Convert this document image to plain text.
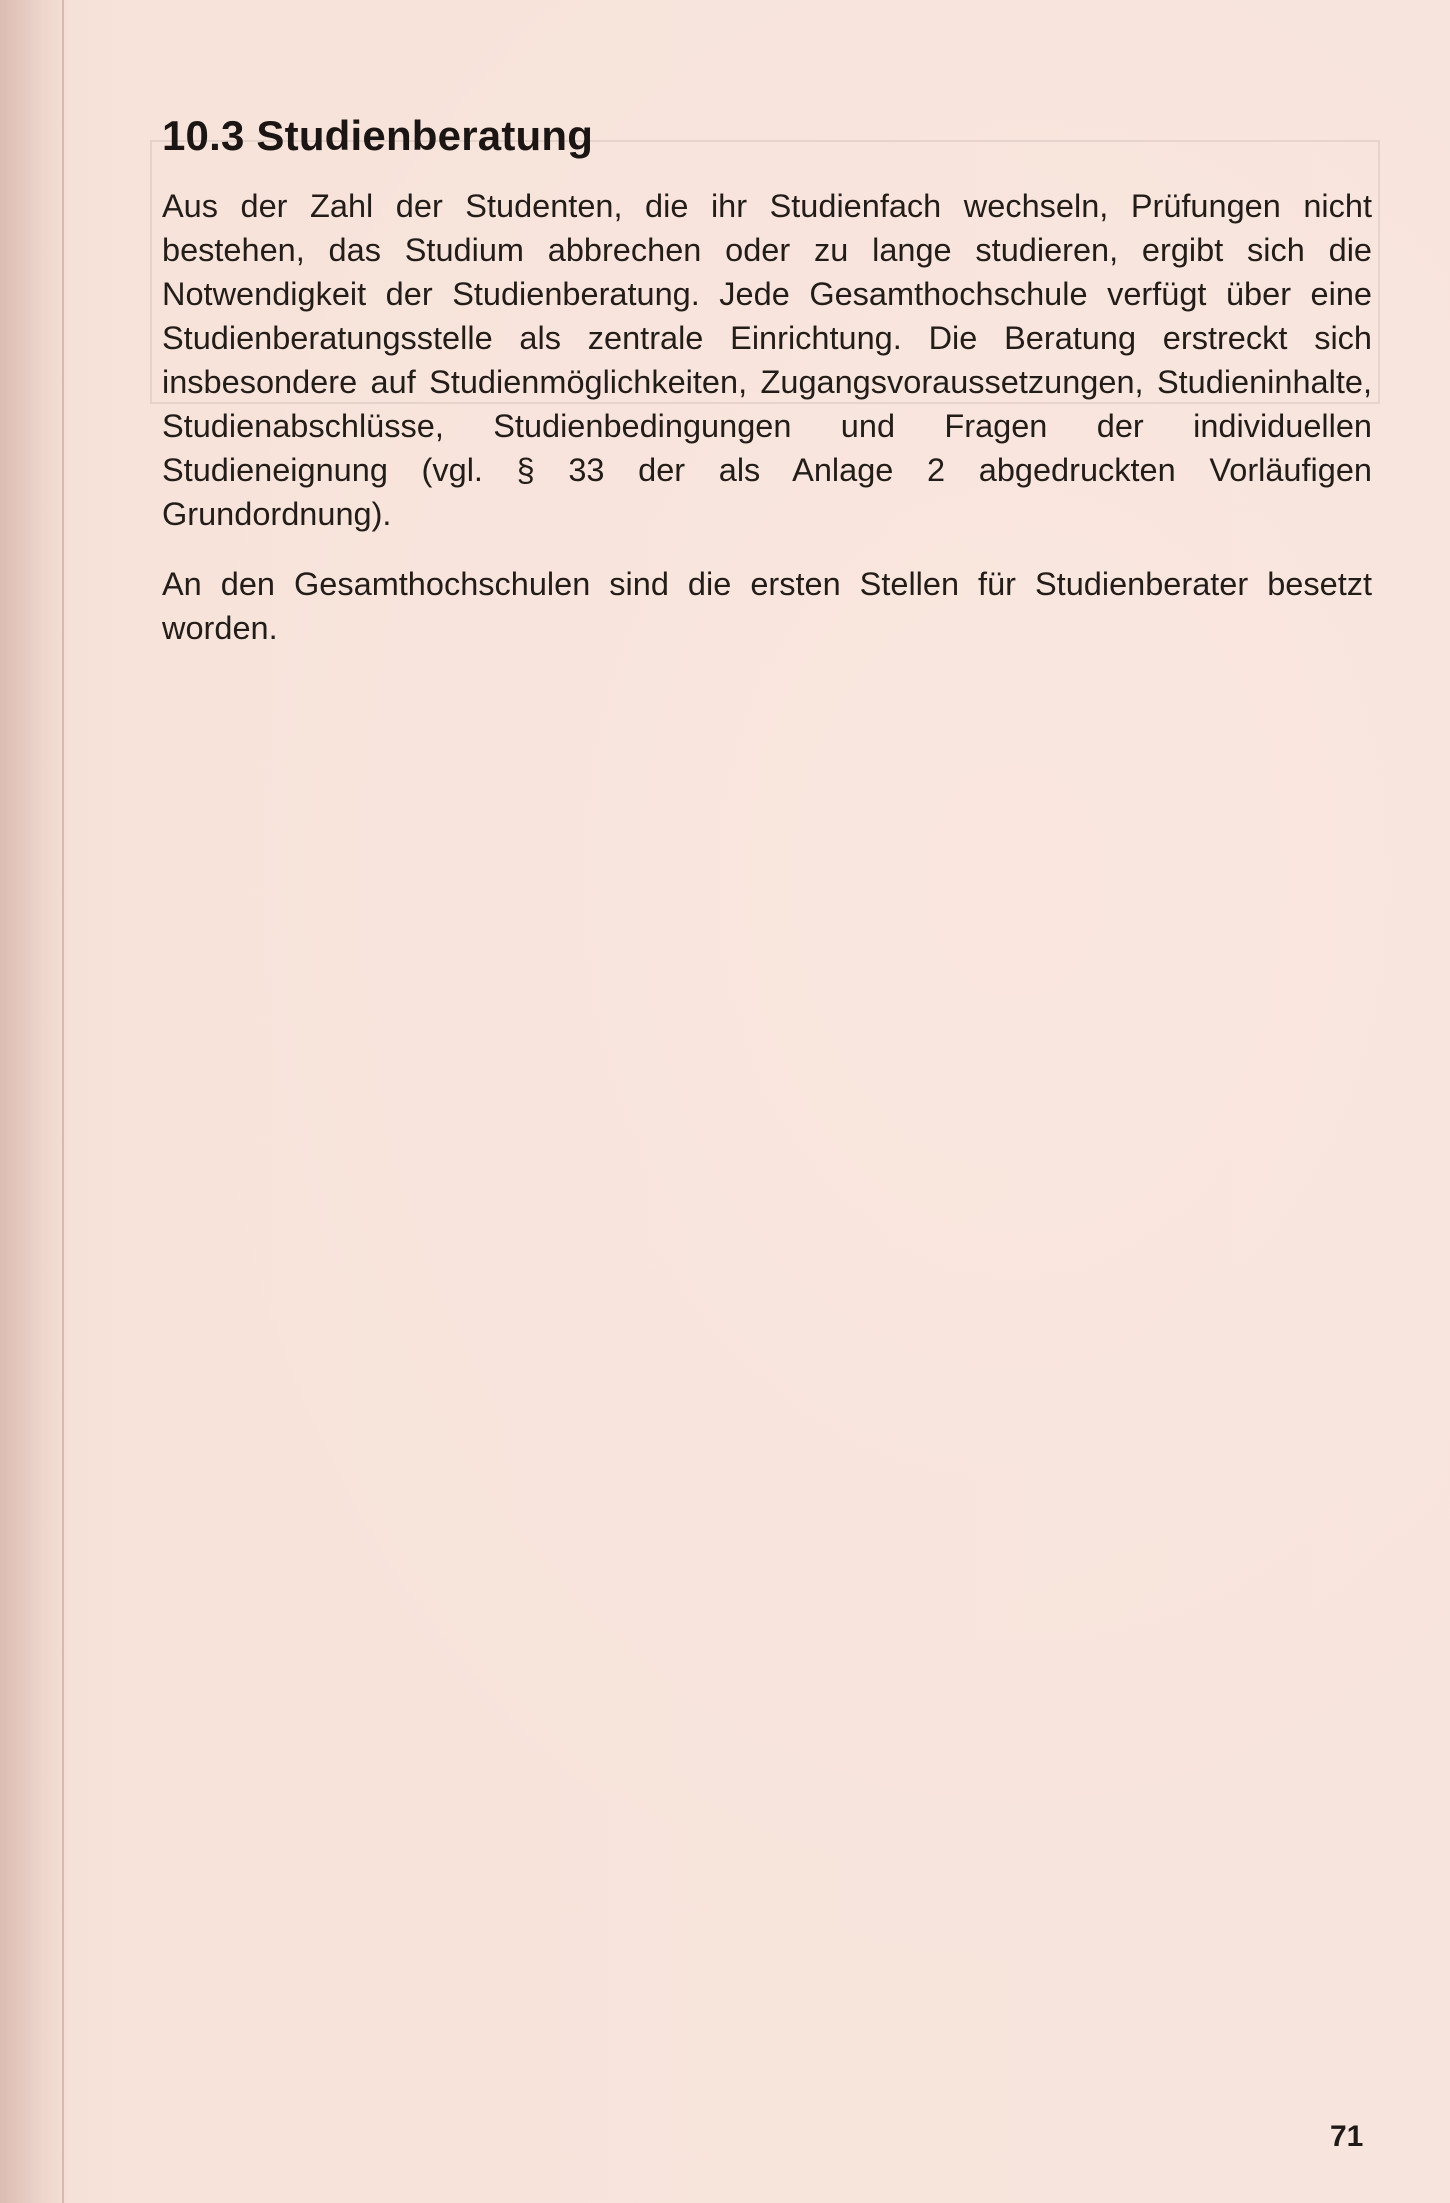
10.3 Studienberatung

Aus der Zahl der Studenten, die ihr Studienfach wechseln, Prüfungen nicht bestehen, das Studium abbrechen oder zu lange studieren, ergibt sich die Notwendigkeit der Studienberatung. Jede Gesamthochschule verfügt über eine Studienberatungsstelle als zentrale Einrichtung. Die Beratung erstreckt sich insbesondere auf Studienmöglichkeiten, Zugangsvoraussetzungen, Studieninhalte, Studienabschlüsse, Studienbedingungen und Fragen der individuellen Studieneignung (vgl. § 33 der als Anlage 2 abgedruckten Vorläufigen Grundordnung).

An den Gesamthochschulen sind die ersten Stellen für Studienberater besetzt worden.

71
